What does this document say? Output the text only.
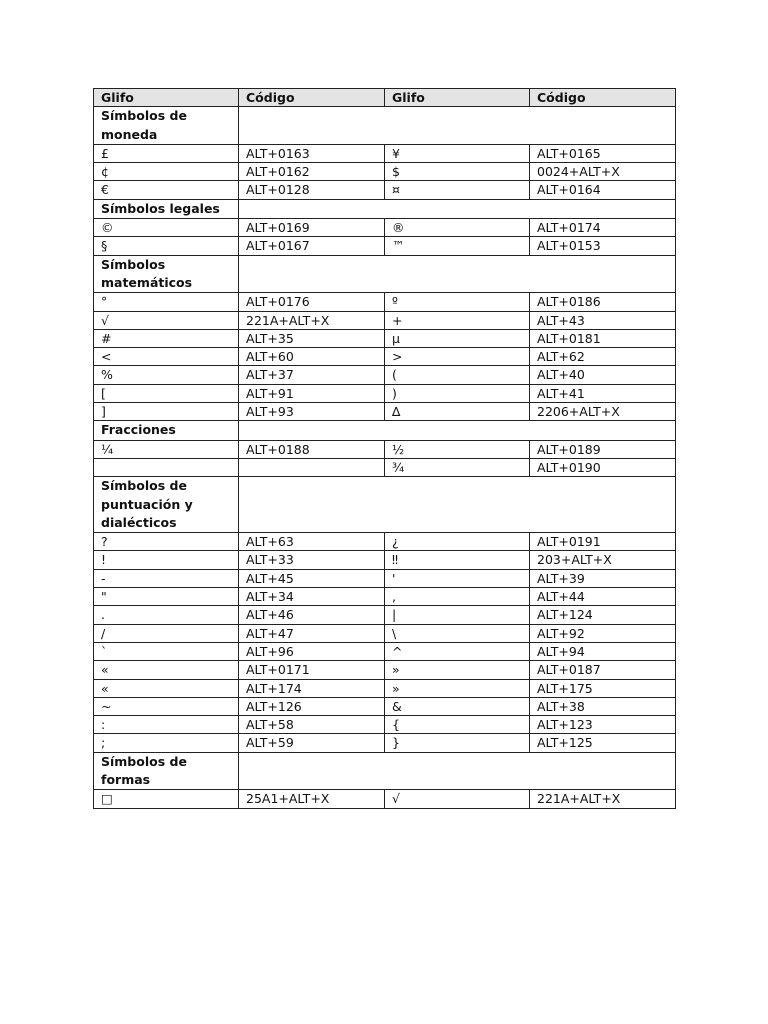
Glifo	Código	Glifo	Código
Símbolos de moneda			
£	ALT+0163	¥	ALT+0165
¢	ALT+0162	$	0024+ALT+X
€	ALT+0128	¤	ALT+0164
Símbolos legales			
©	ALT+0169	®	ALT+0174
§	ALT+0167	™	ALT+0153
Símbolos matemáticos			
°	ALT+0176	º	ALT+0186
√	221A+ALT+X	+	ALT+43
#	ALT+35	µ	ALT+0181
<	ALT+60	>	ALT+62
%	ALT+37	(	ALT+40
[	ALT+91	)	ALT+41
]	ALT+93	∆	2206+ALT+X
Fracciones			
¼	ALT+0188	½	ALT+0189
		¾	ALT+0190
Símbolos de puntuación y dialécticos			
?	ALT+63	¿	ALT+0191
!	ALT+33	‼	203+ALT+X
-	ALT+45	'	ALT+39
"	ALT+34	,	ALT+44
.	ALT+46	|	ALT+124
/	ALT+47	\	ALT+92
`	ALT+96	^	ALT+94
«	ALT+0171	»	ALT+0187
«	ALT+174	»	ALT+175
~	ALT+126	&	ALT+38
:	ALT+58	{	ALT+123
;	ALT+59	}	ALT+125
Símbolos de formas			
□	25A1+ALT+X	√	221A+ALT+X
